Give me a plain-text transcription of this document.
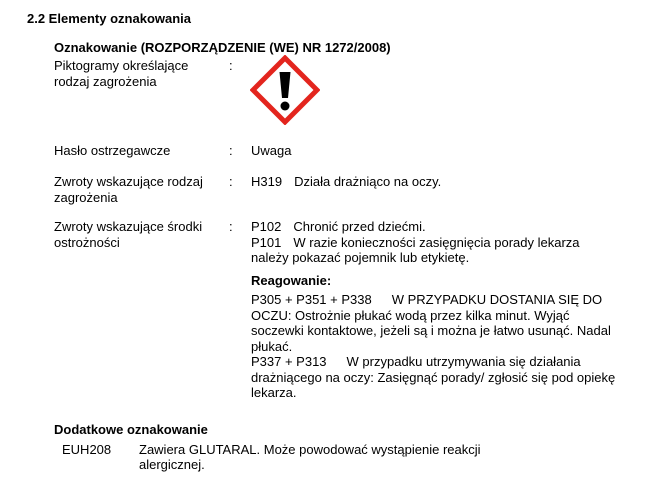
2.2 Elementy oznakowania
Oznakowanie (ROZPORZĄDZENIE (WE) NR 1272/2008)
Piktogramy określające
rodzaj zagrożenia
:
Hasło ostrzegawcze	: Uwaga
Zwroty wskazujące rodzaj
zagrożenia
: H319 Działa drażniąco na oczy.
Zwroty wskazujące środki
ostrożności
: P102 Chronić przed dziećmi.
P101 W razie konieczności zasięgnięcia porady lekarza
należy pokazać pojemnik lub etykietę.
Reagowanie:
P305 + P351 + P338 W PRZYPADKU DOSTANIA SIĘ DO
OCZU: Ostrożnie płukać wodą przez kilka minut. Wyjąć
soczewki kontaktowe, jeżeli są i można je łatwo usunąć. Nadal
płukać.
P337 + P313 W przypadku utrzymywania się działania
drażniącego na oczy: Zasięgnąć porady/ zgłosić się pod opiekę
lekarza.
Dodatkowe oznakowanie
EUH208 Zawiera GLUTARAL. Może powodować wystąpienie reakcji
alergicznej.
